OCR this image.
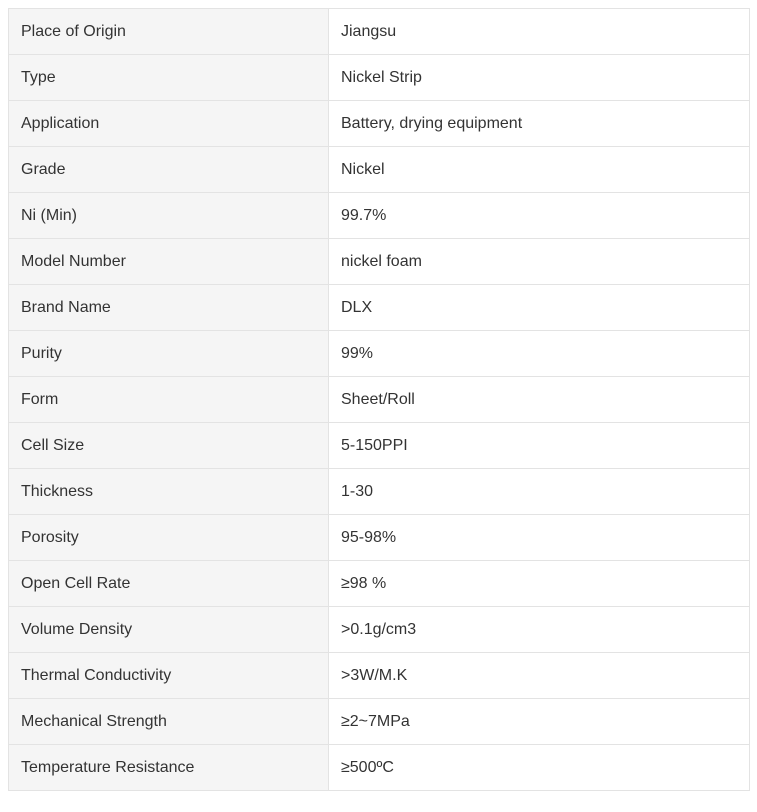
Place of Origin	Jiangsu
Type	Nickel Strip
Application	Battery, drying equipment
Grade	Nickel
Ni (Min)	99.7%
Model Number	nickel foam
Brand Name	DLX
Purity	99%
Form	Sheet/Roll
Cell Size	5-150PPI
Thickness	1-30
Porosity	95-98%
Open Cell Rate	≥98 %
Volume Density	>0.1g/cm3
Thermal Conductivity	>3W/M.K
Mechanical Strength	≥2~7MPa
Temperature Resistance	≥500ºC
